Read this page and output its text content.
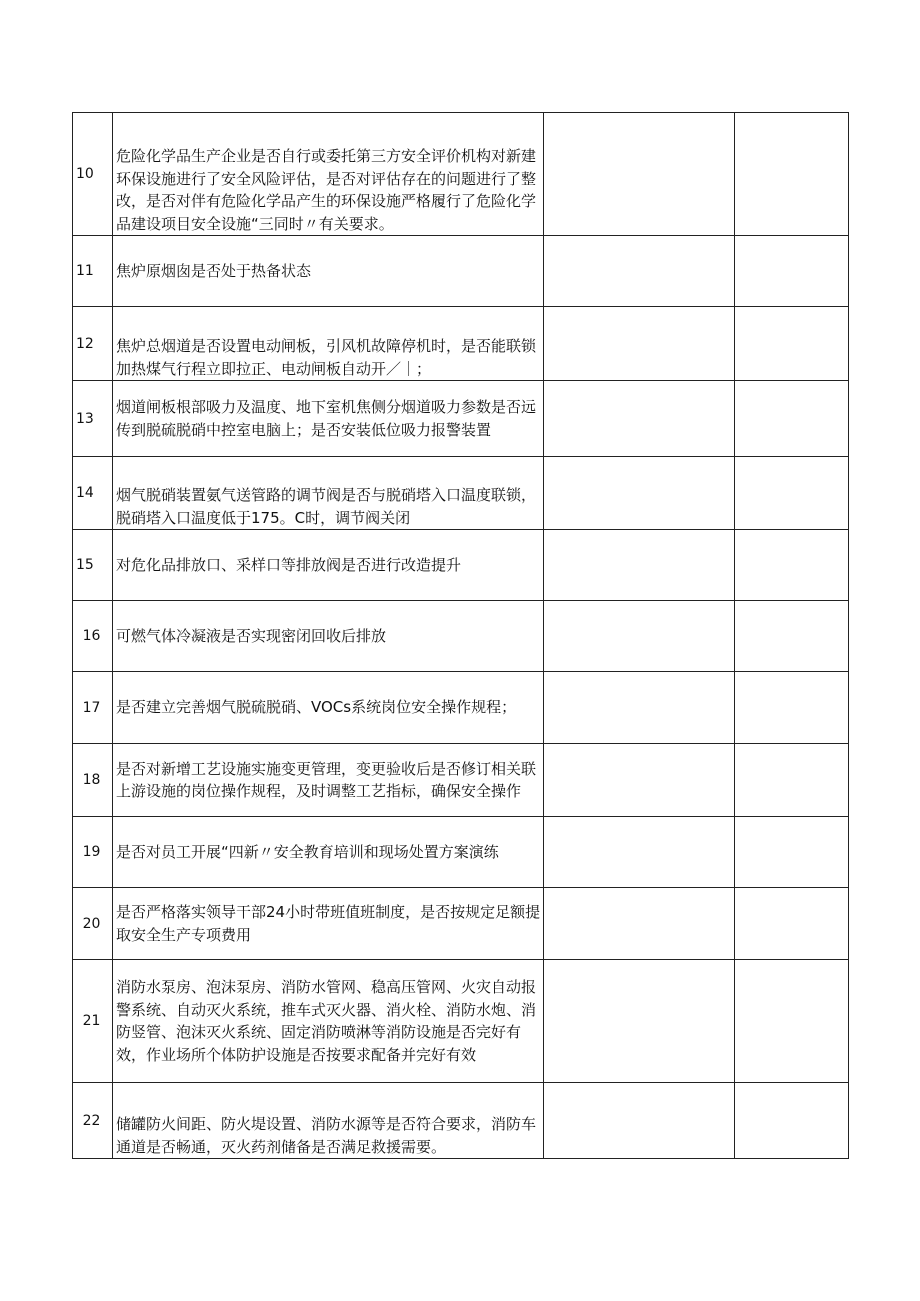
10	危险化学品生产企业是否自行或委托第三方安全评价机构对新建环保设施进行了安全风险评估，是否对评估存在的问题进行了整改，是否对伴有危险化学品产生的环保设施严格履行了危险化学品建设项目安全设施“三同时〃有关要求。		

11	焦炉原烟囱是否处于热备状态		

12	焦炉总烟道是否设置电动闸板，引风机故障停机时，是否能联锁加热煤气行程立即拉正、电动闸板自动开／｜；		

13	烟道闸板根部吸力及温度、地下室机焦侧分烟道吸力参数是否远传到脱硫脱硝中控室电脑上；是否安装低位吸力报警装置		

14	烟气脱硝装置氨气送管路的调节阀是否与脱硝塔入口温度联锁，脱硝塔入口温度低于175。C时，调节阀关闭		

15	对危化品排放口、采样口等排放阀是否进行改造提升		

16	可燃气体冷凝液是否实现密闭回收后排放		

17	是否建立完善烟气脱硫脱硝、VOCs系统岗位安全操作规程；		

18	是否对新增工艺设施实施变更管理，变更验收后是否修订相关联上游设施的岗位操作规程，及时调整工艺指标，确保安全操作		

19	是否对员工开展“四新〃安全教育培训和现场处置方案演练		

20	是否严格落实领导干部24小时带班值班制度，是否按规定足额提取安全生产专项费用		

21	消防水泵房、泡沫泵房、消防水管网、稳高压管网、火灾自动报警系统、自动灭火系统，推车式灭火器、消火栓、消防水炮、消防竖管、泡沫灭火系统、固定消防喷淋等消防设施是否完好有效，作业场所个体防护设施是否按要求配备并完好有效		

22	储罐防火间距、防火堤设置、消防水源等是否符合要求，消防车通道是否畅通，灭火药剂储备是否满足救援需要。		
